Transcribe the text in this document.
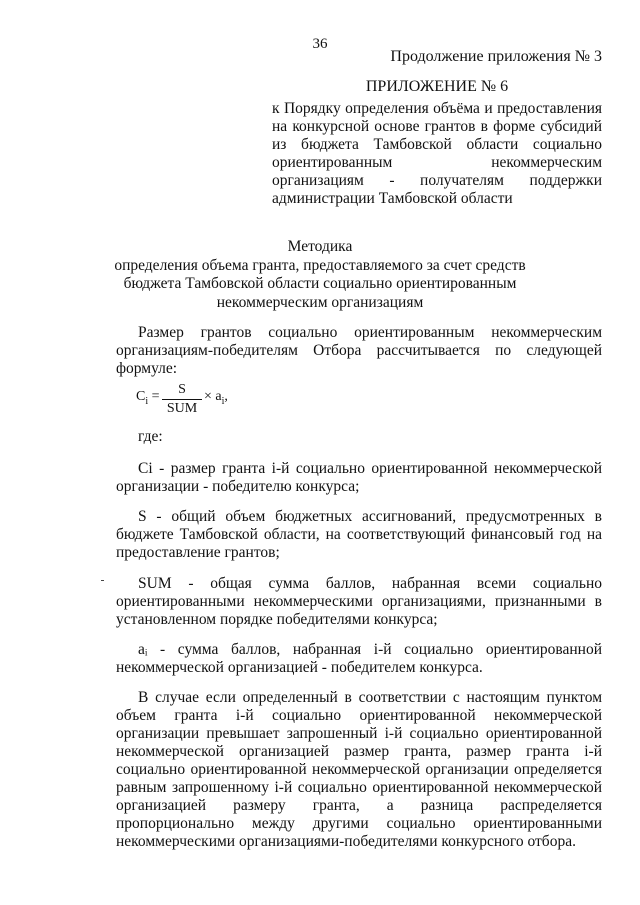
36
Продолжение приложения № 3
ПРИЛОЖЕНИЕ № 6
к Порядку определения объёма и предоставления на конкурсной основе грантов в форме субсидий из бюджета Тамбовской области социально ориентированным некоммерческим организациям - получателям поддержки администрации Тамбовской области
Методика
определения объема гранта, предоставляемого за счет средств
бюджета Тамбовской области социально ориентированным
некоммерческим организациям
Размер грантов социально ориентированным некоммерческим организациям-победителям Отбора рассчитывается по следующей формуле:
$C_i$ =	S
SUM
× $a_i$,
где:
Ci - размер гранта i-й социально ориентированной некоммерческой организации - победителю конкурса;
S - общий объем бюджетных ассигнований, предусмотренных в бюджете Тамбовской области, на соответствующий финансовый год на предоставление грантов;
SUM - общая сумма баллов, набранная всеми социально ориентированными некоммерческими организациями, признанными в установленном порядке победителями конкурса;
aᵢ - сумма баллов, набранная i-й социально ориентированной некоммерческой организацией - победителем конкурса.
В случае если определенный в соответствии с настоящим пунктом объем гранта i-й социально ориентированной некоммерческой организации превышает запрошенный i-й социально ориентированной некоммерческой организацией размер гранта, размер гранта i-й социально ориентированной некоммерческой организации определяется равным запрошенному i-й социально ориентированной некоммерческой организацией размеру гранта, а разница распределяется пропорционально между другими социально ориентированными некоммерческими организациями-победителями конкурсного отбора.
